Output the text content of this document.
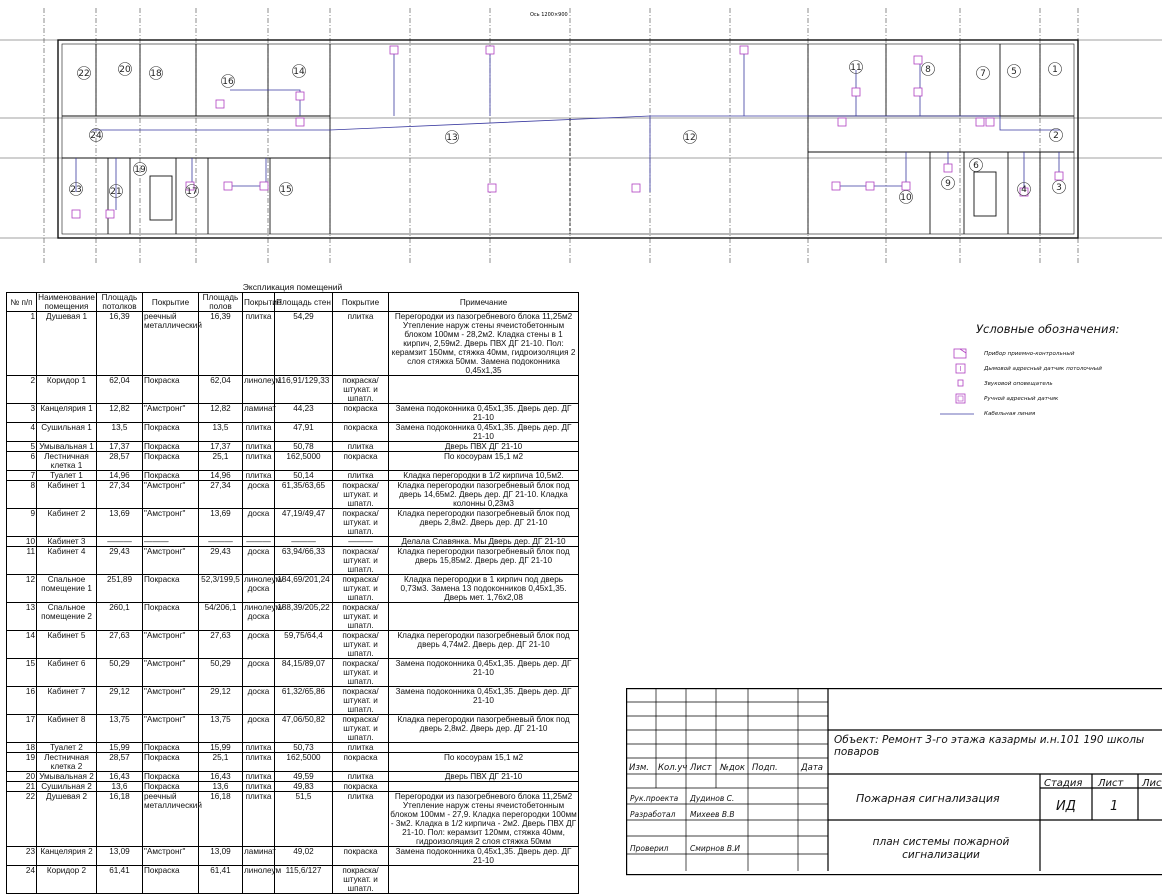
22	20 18
16
14	11	8	7	5	1
24	13	12	2
23	21
19
17	15
10
9
6
4	3
Ось 1200×900
Экспликация помещений								
№ п/п	Наименование помещения	Площадь потолков	Покрытие	Площадь полов	Покрытие	Площадь стен	Покрытие	Примечание
1	Душевая 1	16,39	реечный металлический	16,39	плитка	54,29	плитка	Перегородки из пазогребневого блока 11,25м2 Утепление наруж стены ячеистобетонным блоком 100мм - 28,2м2. Кладка стены в 1 кирпич, 2,59м2. Дверь ПВХ ДГ 21-10. Пол: керамзит 150мм, стяжка 40мм, гидроизоляция 2 слоя стяжка 50мм. Замена подоконника 0,45х1,35
2	Коридор 1	62,04	Покраска	62,04	линолеум	116,91/129,33	покраска/штукат. и шпатл.	
3	Канцелярия 1	12,82	"Амстронг"	12,82	ламинат	44,23	покраска	Замена подоконника 0,45х1,35. Дверь дер. ДГ 21-10
4	Сушильная 1	13,5	Покраска	13,5	плитка	47,91	покраска	Замена подоконника 0,45х1,35. Дверь дер. ДГ 21-10
5	Умывальная 1	17,37	Покраска	17,37	плитка	50,78	плитка	Дверь ПВХ ДГ 21-10
6	Лестничная клетка 1	28,57	Покраска	25,1	плитка	162,5000	покраска	По косоурам 15,1 м2
7	Туалет 1	14,96	Покраска	14,96	плитка	50,14	плитка	Кладка перегородки в 1/2 кирпича 10,5м2.
8	Кабинет 1	27,34	"Амстронг"	27,34	доска	61,35/63,65	покраска/штукат. и шпатл.	Кладка перегородки пазогребневый блок под дверь 14,65м2. Дверь дер. ДГ 21-10. Кладка колонны 0,23м3
9	Кабинет 2	13,69	"Амстронг"	13,69	доска	47,19/49,47	покраска/штукат. и шпатл.	Кладка перегородки пазогребневый блок под дверь 2,8м2. Дверь дер. ДГ 21-10
10	Кабинет 3	———	———	———	———	———	———	Делала Славянка. Мы Дверь дер. ДГ 21-10
11	Кабинет 4	29,43	"Амстронг"	29,43	доска	63,94/66,33	покраска/штукат. и шпатл.	Кладка перегородки пазогребневый блок под дверь 15,85м2. Дверь дер. ДГ 21-10
12	Спальное помещение 1	251,89	Покраска	52,3/199,5	линолеум/доска	184,69/201,24	покраска/штукат. и шпатл.	Кладка перегородки в 1 кирпич под дверь 0,73м3. Замена 13 подоконников 0,45х1,35. Дверь мет. 1,76х2,08
13	Спальное помещение 2	260,1	Покраска	54/206,1	линолеум/доска	188,39/205,22	покраска/штукат. и шпатл.	
14	Кабинет 5	27,63	"Амстронг"	27,63	доска	59,75/64,4	покраска/штукат. и шпатл.	Кладка перегородки пазогребневый блок под дверь 4,74м2. Дверь дер. ДГ 21-10
15	Кабинет 6	50,29	"Амстронг"	50,29	доска	84,15/89,07	покраска/штукат. и шпатл.	Замена подоконника 0,45х1,35. Дверь дер. ДГ 21-10
16	Кабинет 7	29,12	"Амстронг"	29,12	доска	61,32/65,86	покраска/штукат. и шпатл.	Замена подоконника 0,45х1,35. Дверь дер. ДГ 21-10
17	Кабинет 8	13,75	"Амстронг"	13,75	доска	47,06/50,82	покраска/штукат. и шпатл.	Кладка перегородки пазогребневый блок под дверь 2,8м2. Дверь дер. ДГ 21-10
18	Туалет 2	15,99	Покраска	15,99	плитка	50,73	плитка	
19	Лестничная клетка 2	28,57	Покраска	25,1	плитка	162,5000	покраска	По косоурам 15,1 м2
20	Умывальная 2	16,43	Покраска	16,43	плитка	49,59	плитка	Дверь ПВХ ДГ 21-10
21	Сушильная 2	13,6	Покраска	13,6	плитка	49,83	покраска	
22	Душевая 2	16,18	реечный металлический	16,18	плитка	51,5	плитка	Перегородки из пазогребневого блока 11,25м2 Утепление наруж стены ячеистобетонным блоком 100мм - 27,9. Кладка перегородки 100мм - 3м2. Кладка в 1/2 кирпича - 2м2. Дверь ПВХ ДГ 21-10. Пол: керамзит 120мм, стяжка 40мм, гидроизоляция 2 слоя стяжка 50мм
23	Канцелярия 2	13,09	"Амстронг"	13,09	ламинат	49,02	покраска	Замена подоконника 0,45х1,35. Дверь дер. ДГ 21-10
24	Коридор 2	61,41	Покраска	61,41	линолеум	115,6/127	покраска/штукат. и шпатл.	
Условные обозначения:
Прибор приемно-контрольный
Дымовой адресный датчик потолочный
Звуковой оповещатель
Ручной адресный датчик
Кабельная линия
Изм. Кол.уч Лист №док Подп.	Дата
Рук.проекта Дудинов С.
Разработал Михеев В.В
Проверил	Смирнов В.И
Пожарная сигнализация
Стадия Лист Лис
ИД	1
Объект: Ремонт 3-го этажа казармы и.н.101 190 школы поваров
план системы пожарной сигнализации
